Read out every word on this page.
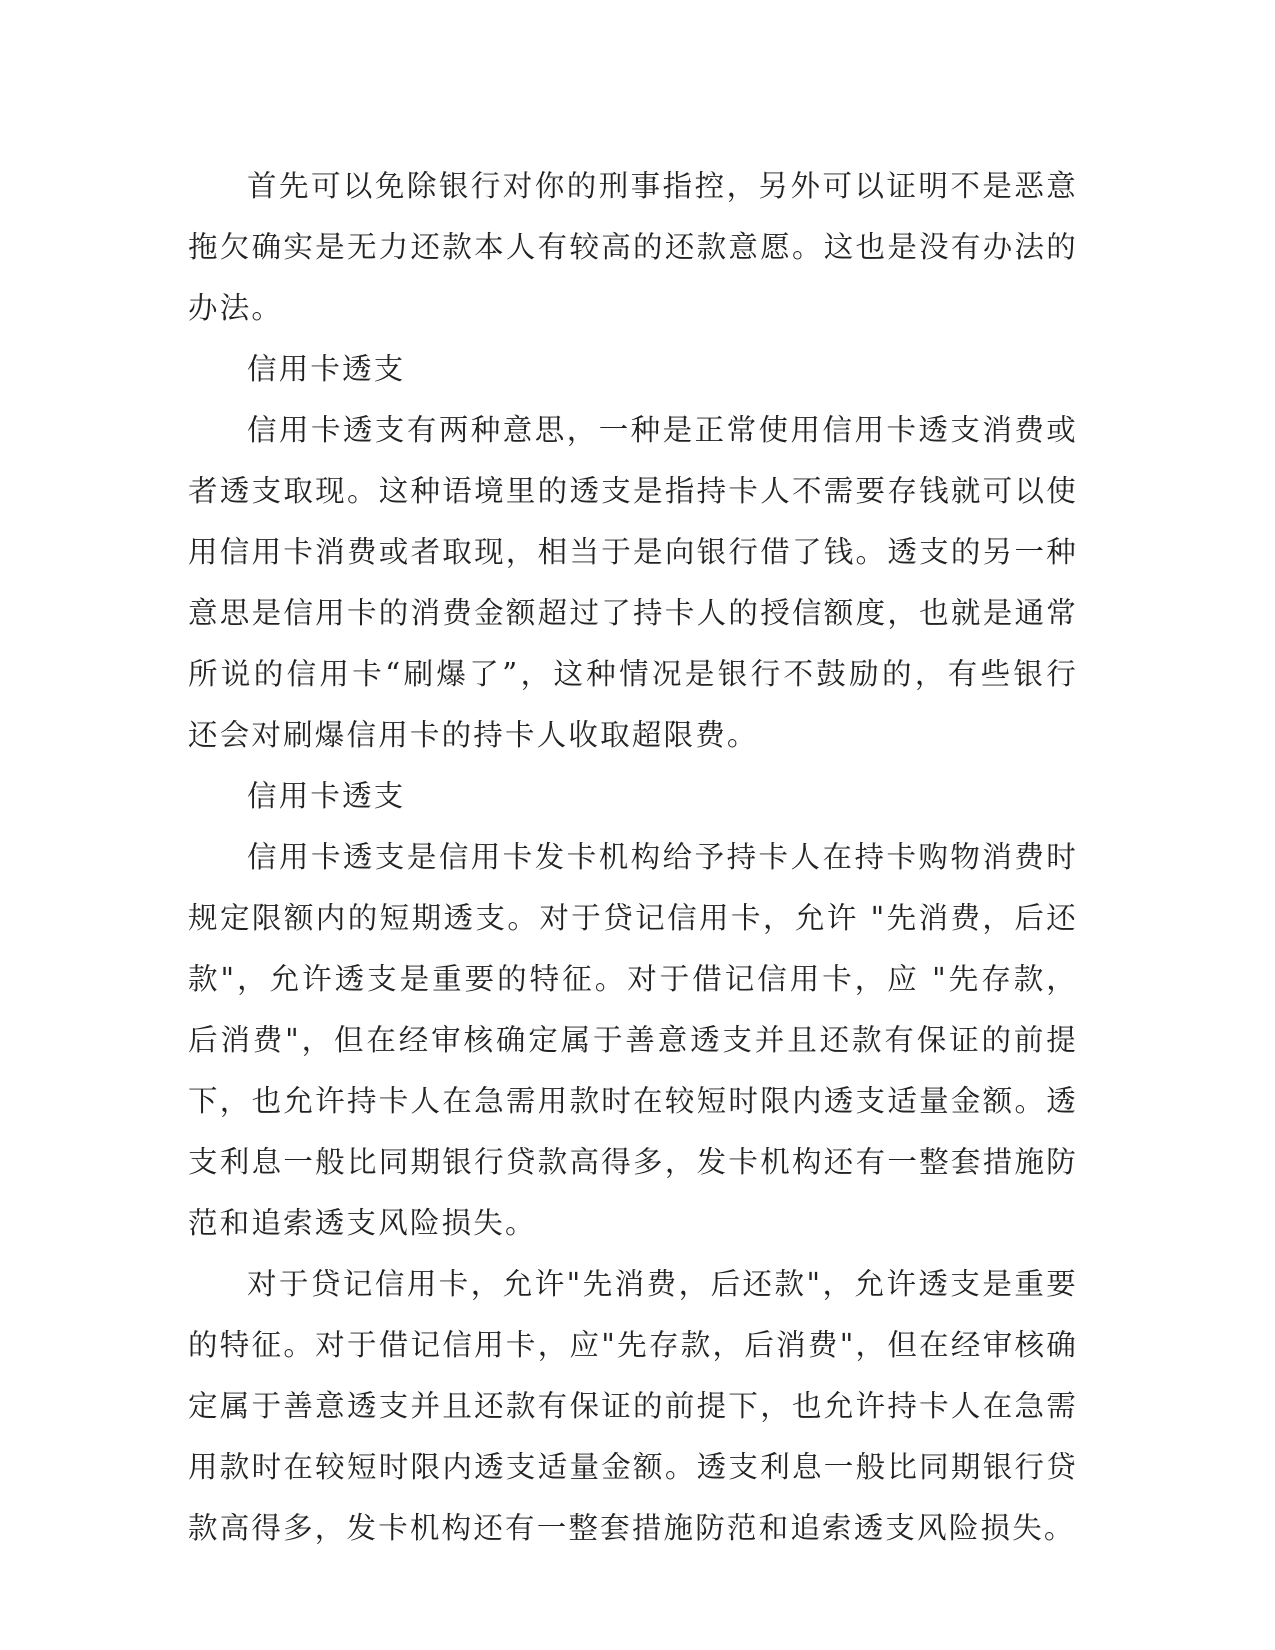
首先可以免除银行对你的刑事指控，另外可以证明不是恶意拖欠确实是无力还款本人有较高的还款意愿。这也是没有办法的办法。
信用卡透支
信用卡透支有两种意思，一种是正常使用信用卡透支消费或者透支取现。这种语境里的透支是指持卡人不需要存钱就可以使用信用卡消费或者取现，相当于是向银行借了钱。透支的另一种意思是信用卡的消费金额超过了持卡人的授信额度，也就是通常所说的信用卡“刷爆了”，这种情况是银行不鼓励的，有些银行还会对刷爆信用卡的持卡人收取超限费。
信用卡透支
信用卡透支是信用卡发卡机构给予持卡人在持卡购物消费时规定限额内的短期透支。对于贷记信用卡，允许 "先消费，后还款"，允许透支是重要的特征。对于借记信用卡，应 "先存款，后消费"，但在经审核确定属于善意透支并且还款有保证的前提下，也允许持卡人在急需用款时在较短时限内透支适量金额。透支利息一般比同期银行贷款高得多，发卡机构还有一整套措施防范和追索透支风险损失。
对于贷记信用卡，允许"先消费，后还款"，允许透支是重要的特征。对于借记信用卡，应"先存款，后消费"，但在经审核确定属于善意透支并且还款有保证的前提下，也允许持卡人在急需用款时在较短时限内透支适量金额。透支利息一般比同期银行贷款高得多，发卡机构还有一整套措施防范和追索透支风险损失。
